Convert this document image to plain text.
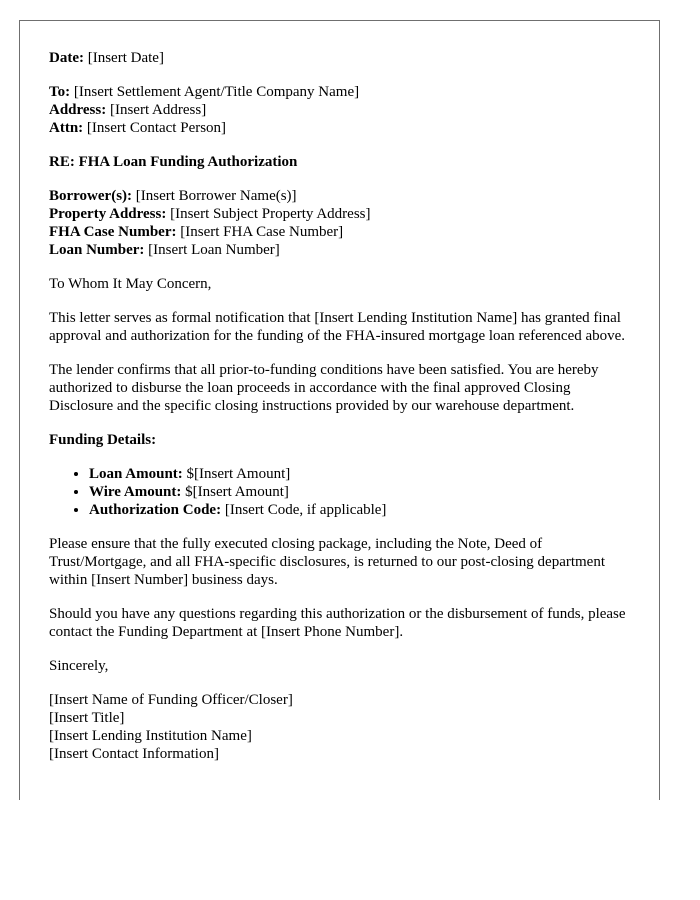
Date: [Insert Date]

To: [Insert Settlement Agent/Title Company Name]
Address: [Insert Address]
Attn: [Insert Contact Person]

RE: FHA Loan Funding Authorization

Borrower(s): [Insert Borrower Name(s)]
Property Address: [Insert Subject Property Address]
FHA Case Number: [Insert FHA Case Number]
Loan Number: [Insert Loan Number]

To Whom It May Concern,

This letter serves as formal notification that [Insert Lending Institution Name] has granted final approval and authorization for the funding of the FHA-insured mortgage loan referenced above.

The lender confirms that all prior-to-funding conditions have been satisfied. You are hereby authorized to disburse the loan proceeds in accordance with the final approved Closing Disclosure and the specific closing instructions provided by our warehouse department.

Funding Details:

• Loan Amount: $[Insert Amount]
• Wire Amount: $[Insert Amount]
• Authorization Code: [Insert Code, if applicable]

Please ensure that the fully executed closing package, including the Note, Deed of Trust/Mortgage, and all FHA-specific disclosures, is returned to our post-closing department within [Insert Number] business days.

Should you have any questions regarding this authorization or the disbursement of funds, please contact the Funding Department at [Insert Phone Number].

Sincerely,

[Insert Name of Funding Officer/Closer]
[Insert Title]
[Insert Lending Institution Name]
[Insert Contact Information]
